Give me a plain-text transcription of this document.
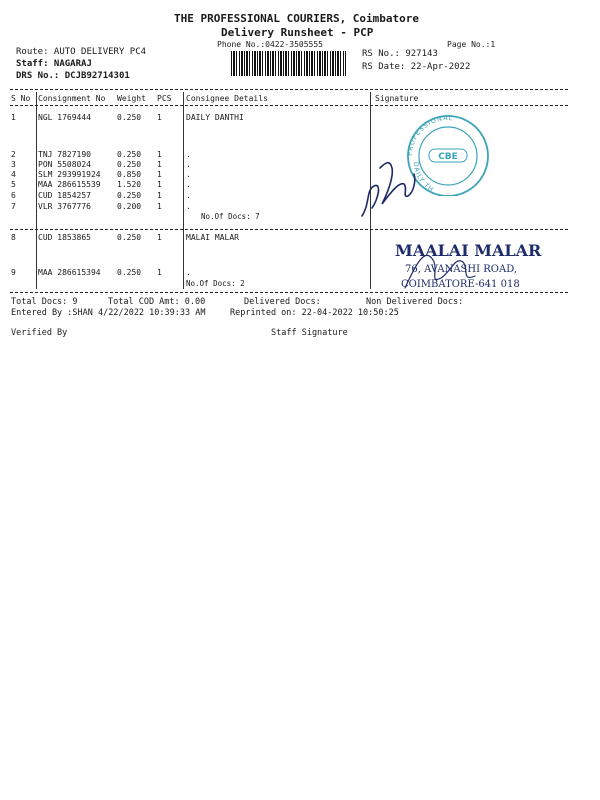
THE PROFESSIONAL COURIERS, Coimbatore
Delivery Runsheet - PCP
Phone No.:0422-3505555	Page No.:1
Route: AUTO DELIVERY PC4
Staff: NAGARAJ
DRS No.: DCJB92714301
RS No.: 927143
RS Date: 22-Apr-2022
S No Consignment No Weight PCS Consignee Details	Signature
1	NGL 1769444	0.250 1	DAILY DANTHI
2	TNJ 7827190	0.250 1	.
3	PON 5508024	0.250 1	.
4	SLM 293991924 0.850 1	.
5	MAA 286615539 1.520 1	.
6	CUD 1854257	0.250 1	.
7	VLR 3767776	0.200 1	.
No.Of Docs: 7
8	CUD 1853865	0.250 1	MALAI MALAR
9	MAA 286615394 0.250 1	.
No.Of Docs: 2
PROFESSIONAL
DAILY TH
CBE
MAALAI MALAR
76, AVANASHI ROAD,
COIMBATORE-641 018
Total Docs: 9	Total COD Amt: 0.00	Delivered Docs:	Non Delivered Docs:
Entered By :SHAN 4/22/2022 10:39:33 AM	Reprinted on: 22-04-2022 10:50:25
Verified By	Staff Signature
